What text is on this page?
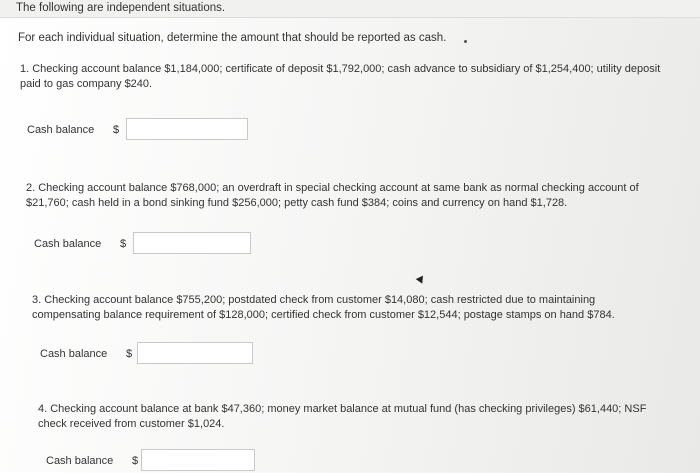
The following are independent situations.
For each individual situation, determine the amount that should be reported as cash.
1. Checking account balance $1,184,000; certificate of deposit $1,792,000; cash advance to subsidiary of $1,254,400; utility deposit paid to gas company $240.
Cash balance $
2. Checking account balance $768,000; an overdraft in special checking account at same bank as normal checking account of $21,760; cash held in a bond sinking fund $256,000; petty cash fund $384; coins and currency on hand $1,728.
Cash balance $
3. Checking account balance $755,200; postdated check from customer $14,080; cash restricted due to maintaining compensating balance requirement of $128,000; certified check from customer $12,544; postage stamps on hand $784.
Cash balance $
4. Checking account balance at bank $47,360; money market balance at mutual fund (has checking privileges) $61,440; NSF check received from customer $1,024.
Cash balance $
